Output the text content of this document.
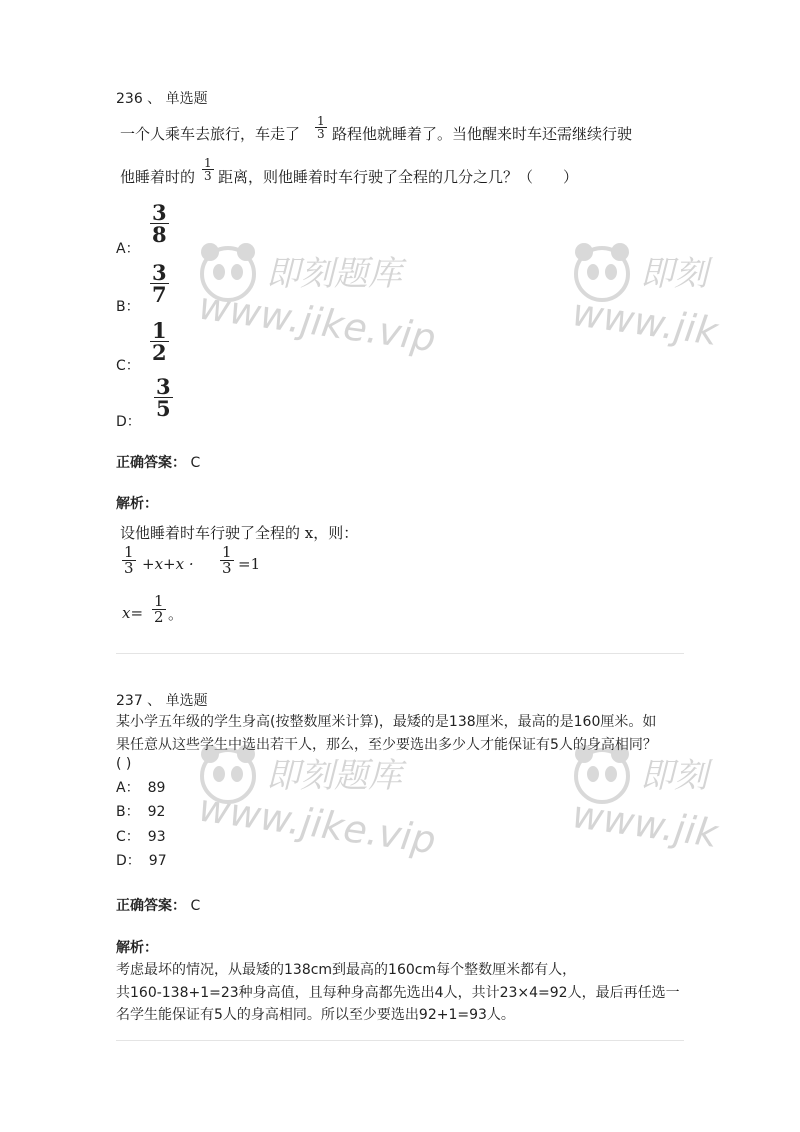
236 、 单选题
一个人乘车去旅行，车走了
1
3 路程他就睡着了。当他醒来时车还需继续行驶
他睡着时的
1
3 距离，则他睡着时车行驶了全程的几分之几？（　　）
A：
3
8
B：
3
7
C：
1
2
D：
3
5
正确答案： C
解析：
设他睡着时车行驶了全程的 x，则：
1
3 +x+x ·
1
3 =1
x=
1
2 。
237 、 单选题
某小学五年级的学生身高(按整数厘米计算)，最矮的是138厘米，最高的是160厘米。如
果任意从这些学生中选出若干人，那么，至少要选出多少人才能保证有5人的身高相同？
( )
A： 89
B： 92
C： 93
D： 97
正确答案： C
解析：
考虑最坏的情况，从最矮的138cm到最高的160cm每个整数厘米都有人，
共160-138+1=23种身高值，且每种身高都先选出4人，共计23×4=92人，最后再任选一
名学生能保证有5人的身高相同。所以至少要选出92+1=93人。
即刻题库
www.jike.vip
即刻
www.jik
即刻题库
www.jike.vip
即刻
www.jik
